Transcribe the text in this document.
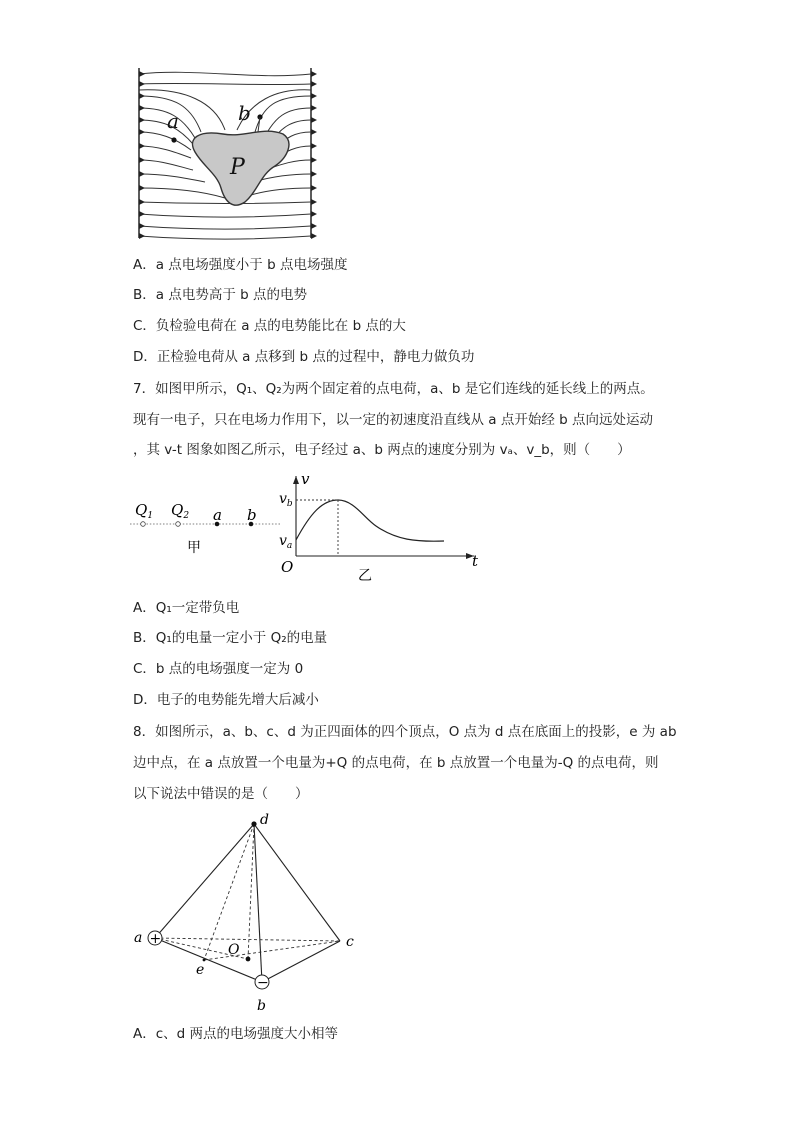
a	b
P
A．a 点电场强度小于 b 点电场强度
B．a 点电势高于 b 点的电势
C．负检验电荷在 a 点的电势能比在 b 点的大
D．正检验电荷从 a 点移到 b 点的过程中，静电力做负功
7．如图甲所示，Q₁、Q₂为两个固定着的点电荷，a、b 是它们连线的延长线上的两点。
现有一电子，只在电场力作用下，以一定的初速度沿直线从 a 点开始经 b 点向远处运动
，其 v-t 图象如图乙所示，电子经过 a、b 两点的速度分别为 vₐ、v_b，则（　　）
$Q_1$ $Q_2$ a b
甲
v
$v_b$
$v_a$
O	t
乙
A．Q₁一定带负电
B．Q₁的电量一定小于 Q₂的电量
C．b 点的电场强度一定为 0
D．电子的电势能先增大后减小
8．如图所示，a、b、c、d 为正四面体的四个顶点，O 点为 d 点在底面上的投影，e 为 ab
边中点，在 a 点放置一个电量为+Q 的点电荷，在 b 点放置一个电量为-Q 的点电荷，则
以下说法中错误的是（　　）
+
−
d
a	c
b
O
e
A．c、d 两点的电场强度大小相等
